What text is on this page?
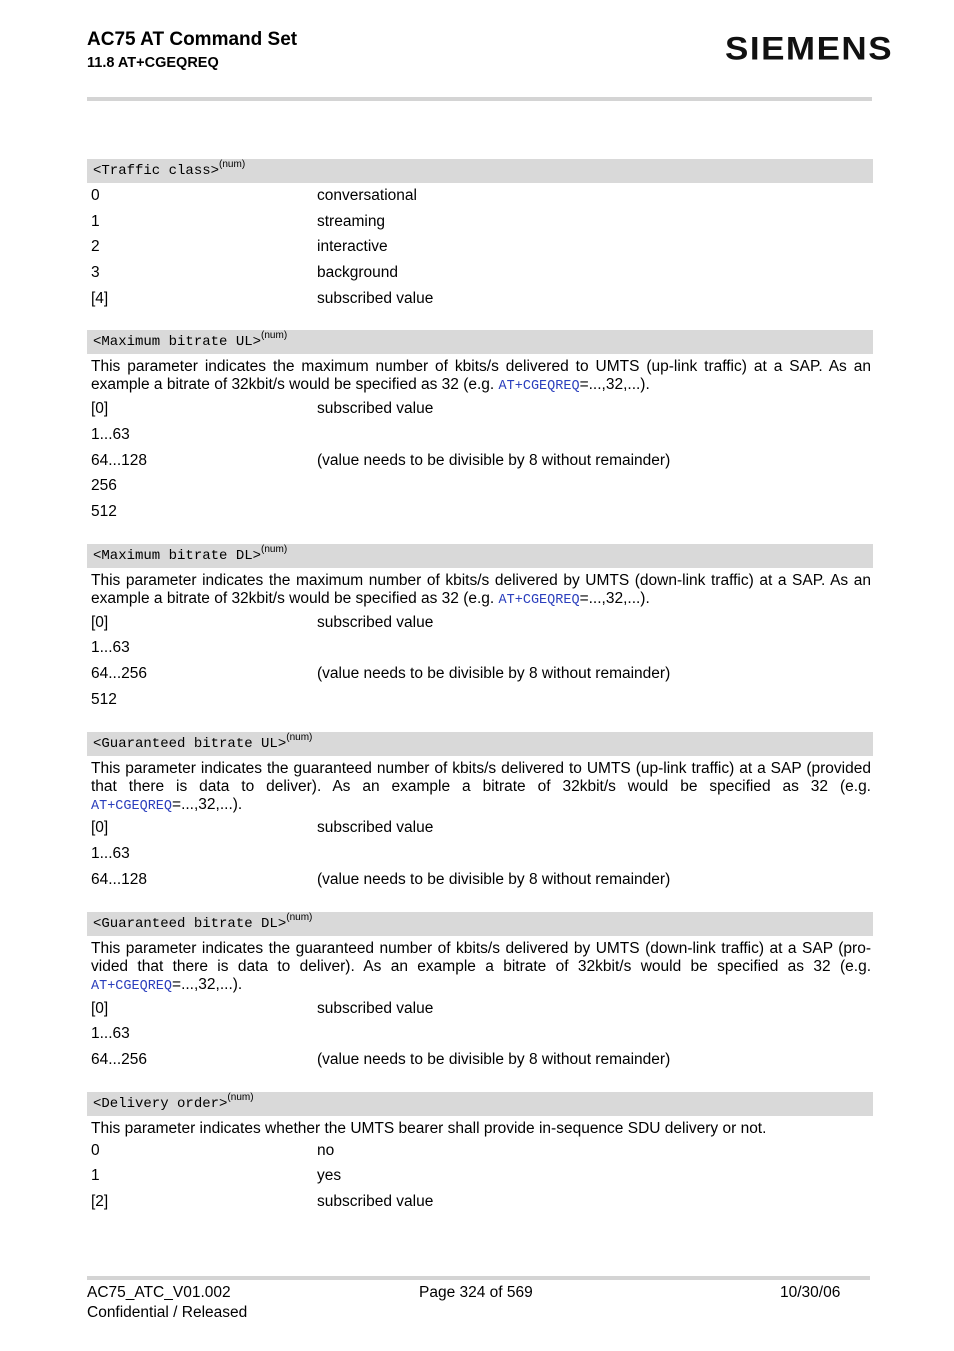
AC75 AT Command Set
11.8 AT+CGEQREQ	SIEMENS
<Traffic class>$^{(num)}$
0	conversational
1	streaming
2	interactive
3	background
[4]	subscribed value
<Maximum bitrate UL>$^{(num)}$
This parameter indicates the maximum number of kbits/s delivered to UMTS (up-link traffic) at a SAP. As an example a bitrate of 32kbit/s would be specified as 32 (e.g. AT+CGEQREQ=...,32,...).
[0]	subscribed value
1...63
64...128	(value needs to be divisible by 8 without remainder)
256
512
<Maximum bitrate DL>$^{(num)}$
This parameter indicates the maximum number of kbits/s delivered by UMTS (down-link traffic) at a SAP. As an example a bitrate of 32kbit/s would be specified as 32 (e.g. AT+CGEQREQ=...,32,...).
[0]	subscribed value
1...63
64...256	(value needs to be divisible by 8 without remainder)
512
<Guaranteed bitrate UL>$^{(num)}$
This parameter indicates the guaranteed number of kbits/s delivered to UMTS (up-link traffic) at a SAP (provided that there is data to deliver). As an example a bitrate of 32kbit/s would be specified as 32 (e.g. AT+CGEQREQ=...,32,...).
[0]	subscribed value
1...63
64...128	(value needs to be divisible by 8 without remainder)
<Guaranteed bitrate DL>$^{(num)}$
This parameter indicates the guaranteed number of kbits/s delivered by UMTS (down-link traffic) at a SAP (pro-vided that there is data to deliver). As an example a bitrate of 32kbit/s would be specified as 32 (e.g. AT+CGEQREQ=...,32,...).
[0]	subscribed value
1...63
64...256	(value needs to be divisible by 8 without remainder)
<Delivery order>$^{(num)}$
This parameter indicates whether the UMTS bearer shall provide in-sequence SDU delivery or not.
0	no
1	yes
[2]	subscribed value
AC75_ATC_V01.002
Confidential / Released
Page 324 of 569	10/30/06
